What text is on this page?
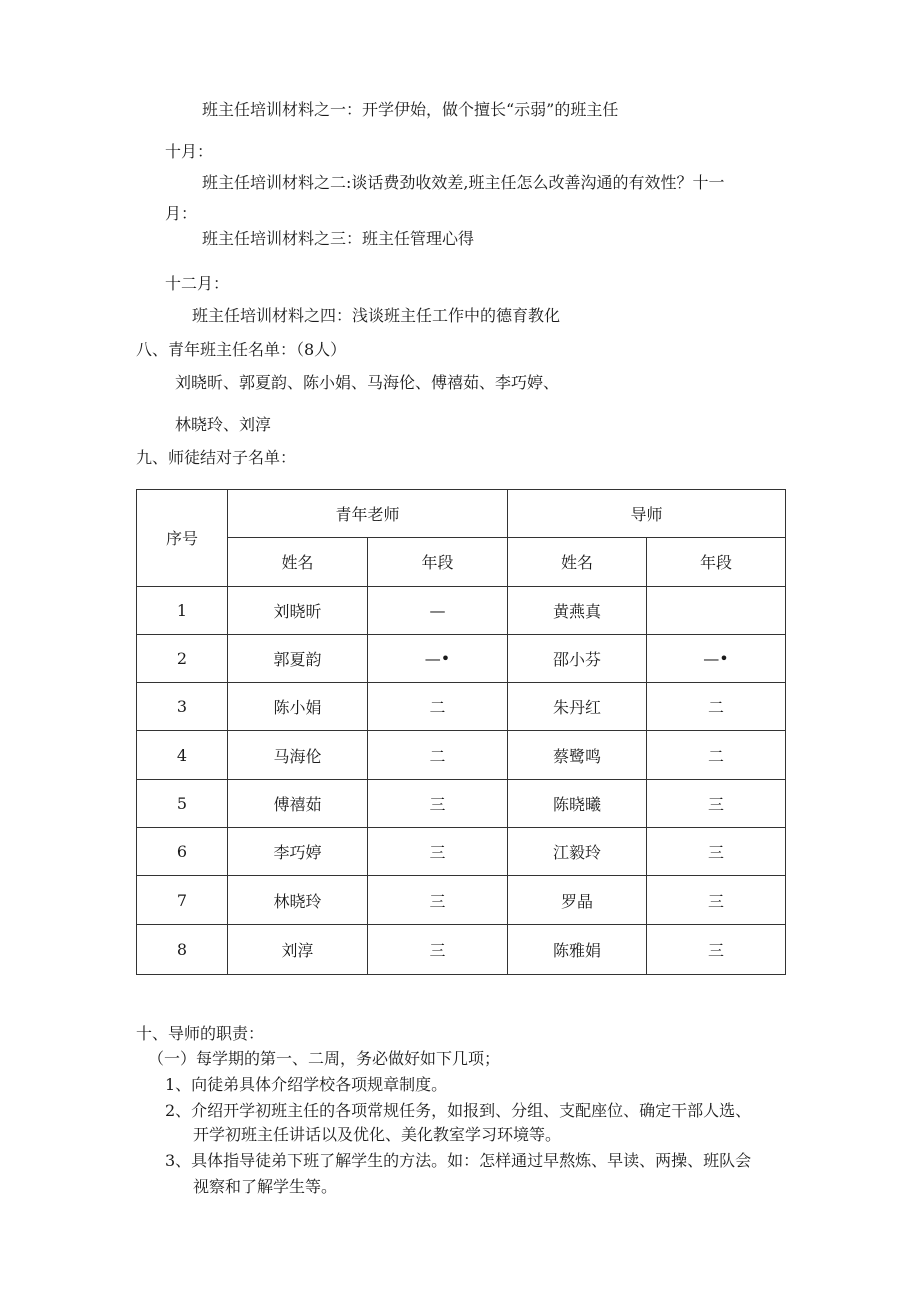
班主任培训材料之一：开学伊始，做个擅长“示弱”的班主任
十月：
班主任培训材料之二:谈话费劲收效差,班主任怎么改善沟通的有效性？十一
月：
班主任培训材料之三：班主任管理心得
十二月：
班主任培训材料之四：浅谈班主任工作中的德育教化
八、青年班主任名单：（8人）
刘晓昕、郭夏韵、陈小娟、马海伦、傅禧茹、李巧婷、
林晓玲、刘淳
九、师徒结对子名单：
序号	青年老师		导师	
	姓名	年段	姓名	年段
1	刘晓昕	—	黄燕真	
2	郭夏韵	—•	邵小芬	—•
3	陈小娟	二	朱丹红	二
4	马海伦	二	蔡鹭鸣	二
5	傅禧茹	三	陈晓曦	三
6	李巧婷	三	江毅玲	三
7	林晓玲	三	罗晶	三
8	刘淳	三	陈雅娟	三
十、导师的职责：
（一）每学期的第一、二周，务必做好如下几项；
1、向徒弟具体介绍学校各项规章制度。
2、介绍开学初班主任的各项常规任务，如报到、分组、支配座位、确定干部人选、
开学初班主任讲话以及优化、美化教室学习环境等。
3、具体指导徒弟下班了解学生的方法。如：怎样通过早熬炼、早读、两操、班队会
视察和了解学生等。
